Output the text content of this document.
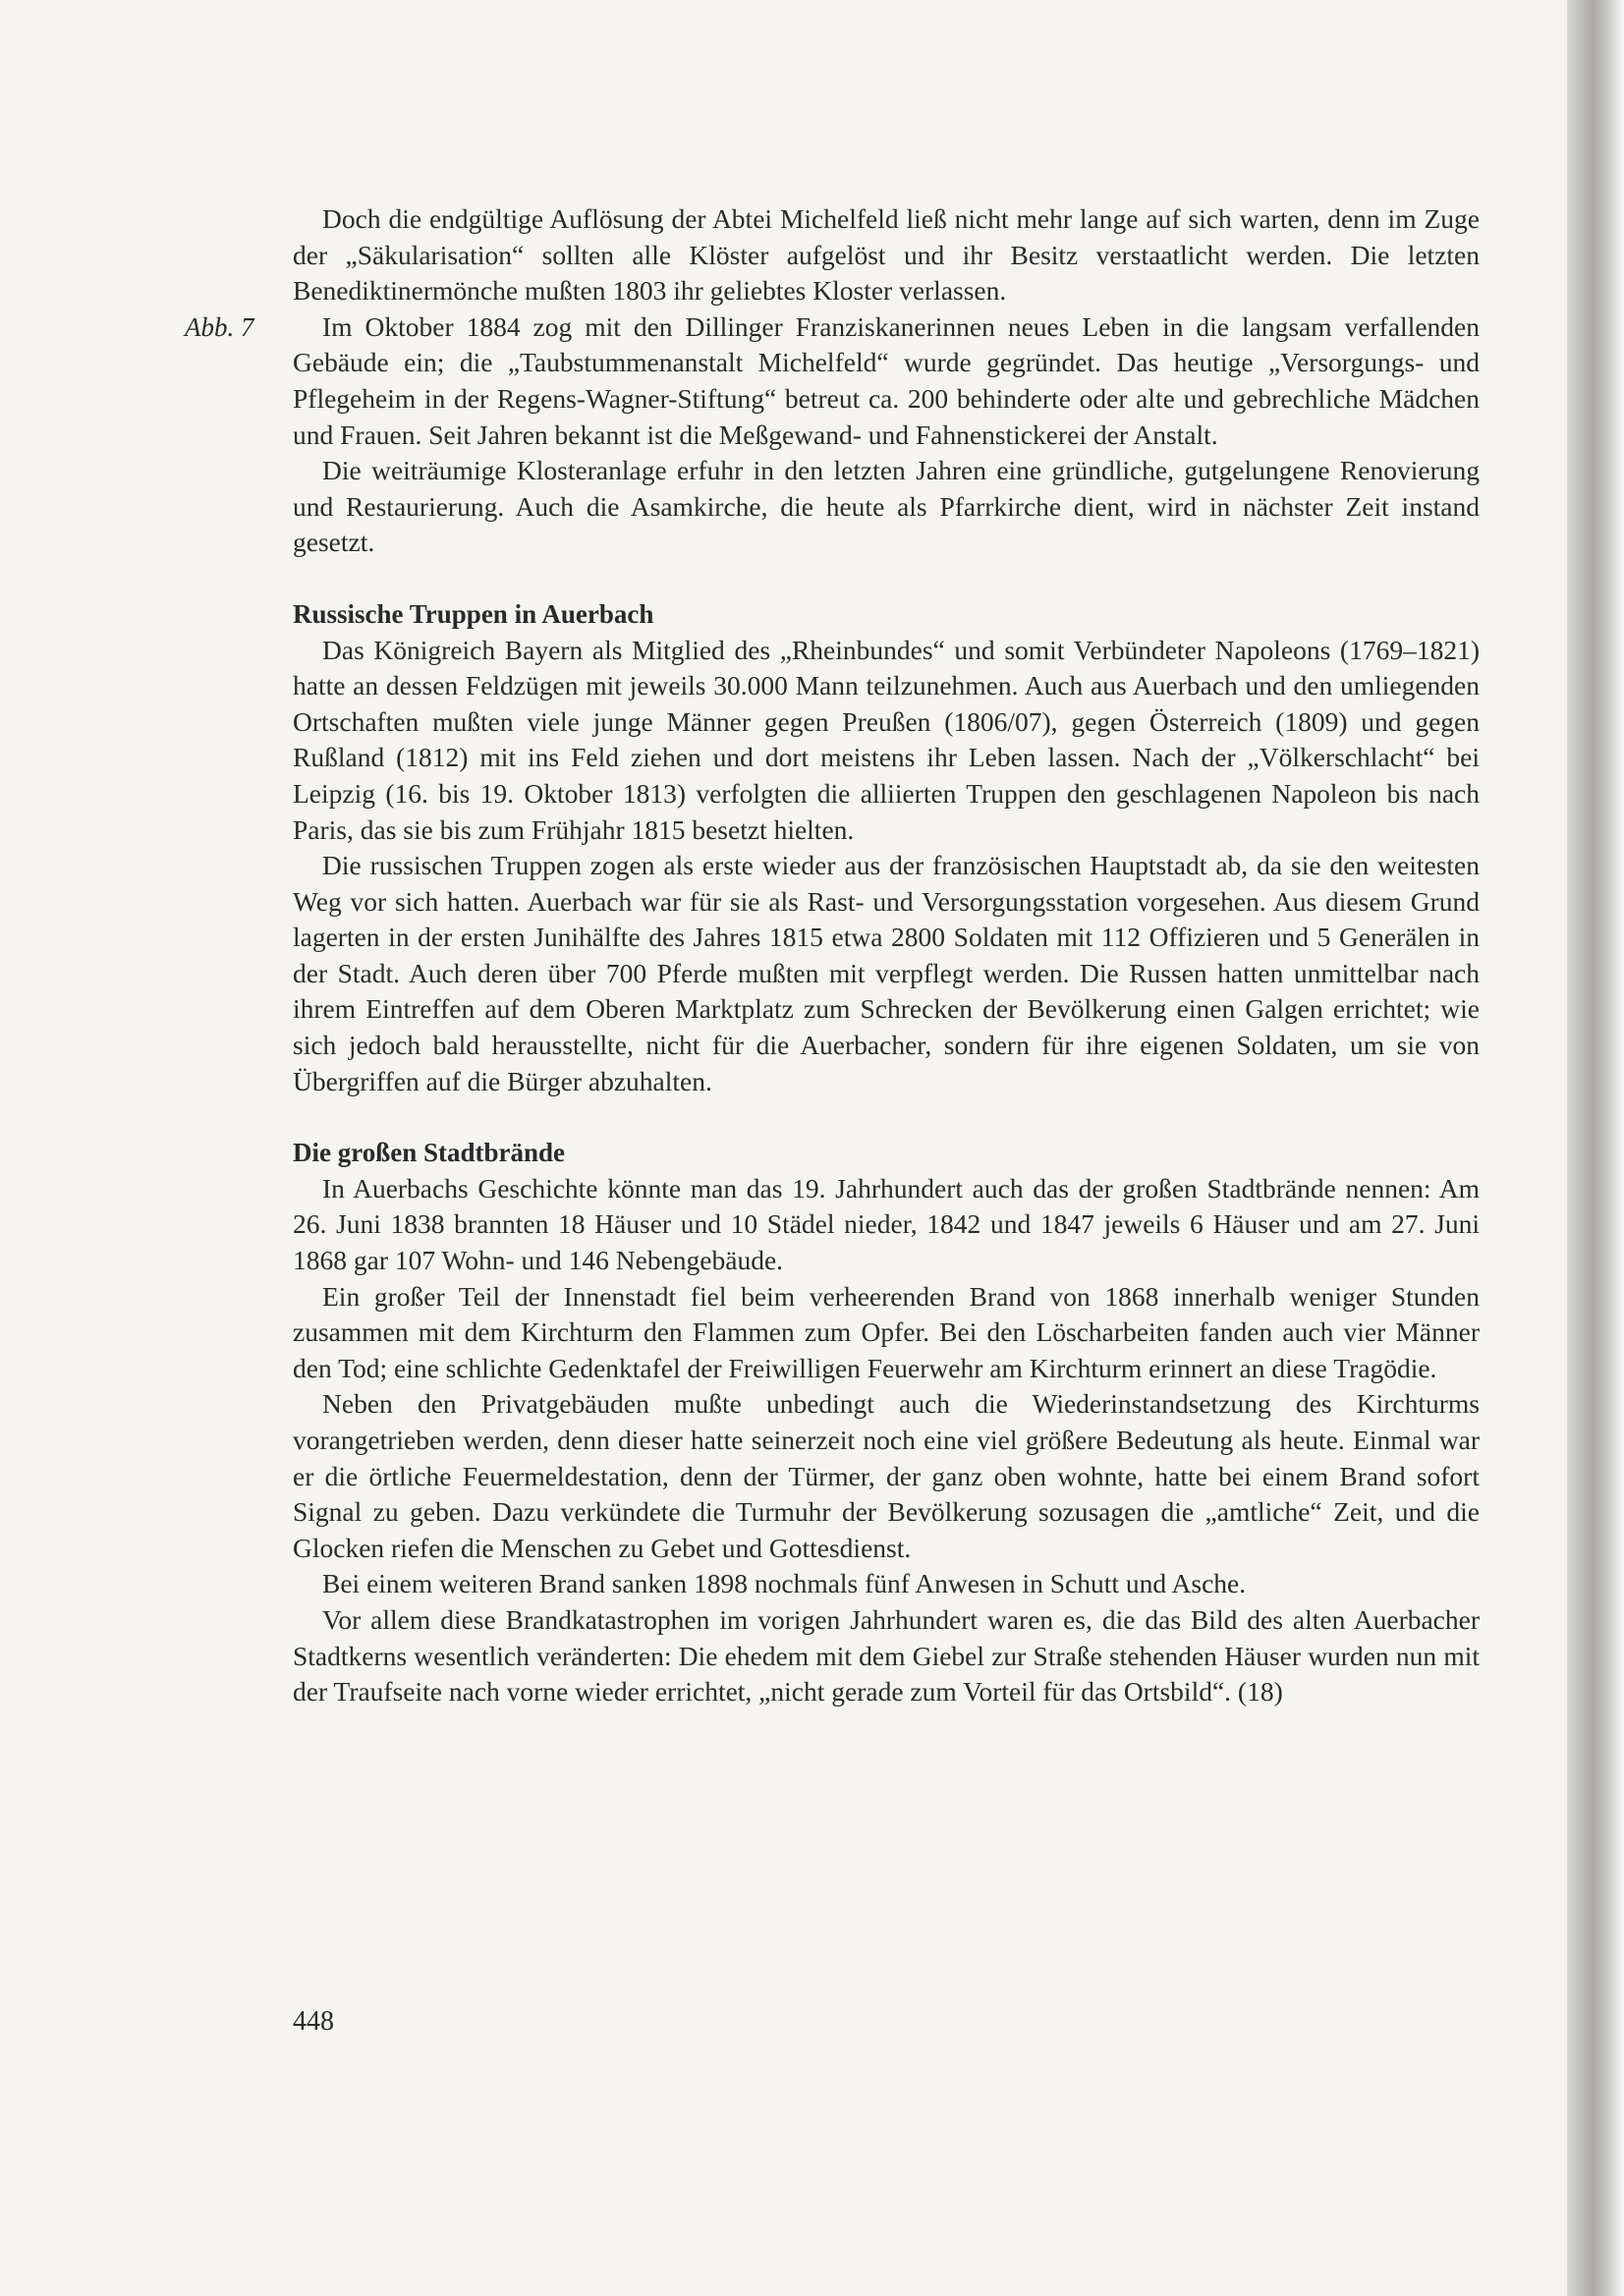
Doch die endgültige Auflösung der Abtei Michelfeld ließ nicht mehr lange auf sich warten, denn im Zuge der „Säkularisation“ sollten alle Klöster aufgelöst und ihr Besitz verstaatlicht werden. Die letzten Benediktinermönche mußten 1803 ihr geliebtes Kloster verlassen.

Abb. 7	Im Oktober 1884 zog mit den Dillinger Franziskanerinnen neues Leben in die langsam verfallenden Gebäude ein; die „Taubstummenanstalt Michelfeld“ wurde gegründet. Das heutige „Versorgungs- und Pflegeheim in der Regens-Wagner-Stiftung“ betreut ca. 200 behinderte oder alte und gebrechliche Mädchen und Frauen. Seit Jahren bekannt ist die Meßgewand- und Fahnenstickerei der Anstalt.

Die weiträumige Klosteranlage erfuhr in den letzten Jahren eine gründliche, gutgelungene Renovierung und Restaurierung. Auch die Asamkirche, die heute als Pfarrkirche dient, wird in nächster Zeit instand gesetzt.

Russische Truppen in Auerbach

Das Königreich Bayern als Mitglied des „Rheinbundes“ und somit Verbündeter Napoleons (1769–1821) hatte an dessen Feldzügen mit jeweils 30.000 Mann teilzunehmen. Auch aus Auerbach und den umliegenden Ortschaften mußten viele junge Männer gegen Preußen (1806/07), gegen Österreich (1809) und gegen Rußland (1812) mit ins Feld ziehen und dort meistens ihr Leben lassen. Nach der „Völkerschlacht“ bei Leipzig (16. bis 19. Oktober 1813) verfolgten die alliierten Truppen den geschlagenen Napoleon bis nach Paris, das sie bis zum Frühjahr 1815 besetzt hielten.

Die russischen Truppen zogen als erste wieder aus der französischen Hauptstadt ab, da sie den weitesten Weg vor sich hatten. Auerbach war für sie als Rast- und Versorgungsstation vorgesehen. Aus diesem Grund lagerten in der ersten Junihälfte des Jahres 1815 etwa 2800 Soldaten mit 112 Offizieren und 5 Generälen in der Stadt. Auch deren über 700 Pferde mußten mit verpflegt werden. Die Russen hatten unmittelbar nach ihrem Eintreffen auf dem Oberen Marktplatz zum Schrecken der Bevölkerung einen Galgen errichtet; wie sich jedoch bald herausstellte, nicht für die Auerbacher, sondern für ihre eigenen Soldaten, um sie von Übergriffen auf die Bürger abzuhalten.

Die großen Stadtbrände

In Auerbachs Geschichte könnte man das 19. Jahrhundert auch das der großen Stadtbrände nennen: Am 26. Juni 1838 brannten 18 Häuser und 10 Städel nieder, 1842 und 1847 jeweils 6 Häuser und am 27. Juni 1868 gar 107 Wohn- und 146 Nebengebäude.

Ein großer Teil der Innenstadt fiel beim verheerenden Brand von 1868 innerhalb weniger Stunden zusammen mit dem Kirchturm den Flammen zum Opfer. Bei den Löscharbeiten fanden auch vier Männer den Tod; eine schlichte Gedenktafel der Freiwilligen Feuerwehr am Kirchturm erinnert an diese Tragödie.

Neben den Privatgebäuden mußte unbedingt auch die Wiederinstandsetzung des Kirchturms vorangetrieben werden, denn dieser hatte seinerzeit noch eine viel größere Bedeutung als heute. Einmal war er die örtliche Feuermeldestation, denn der Türmer, der ganz oben wohnte, hatte bei einem Brand sofort Signal zu geben. Dazu verkündete die Turmuhr der Bevölkerung sozusagen die „amtliche“ Zeit, und die Glocken riefen die Menschen zu Gebet und Gottesdienst.

Bei einem weiteren Brand sanken 1898 nochmals fünf Anwesen in Schutt und Asche.

Vor allem diese Brandkatastrophen im vorigen Jahrhundert waren es, die das Bild des alten Auerbacher Stadtkerns wesentlich veränderten: Die ehedem mit dem Giebel zur Straße stehenden Häuser wurden nun mit der Traufseite nach vorne wieder errichtet, „nicht gerade zum Vorteil für das Ortsbild“. (18)

448
